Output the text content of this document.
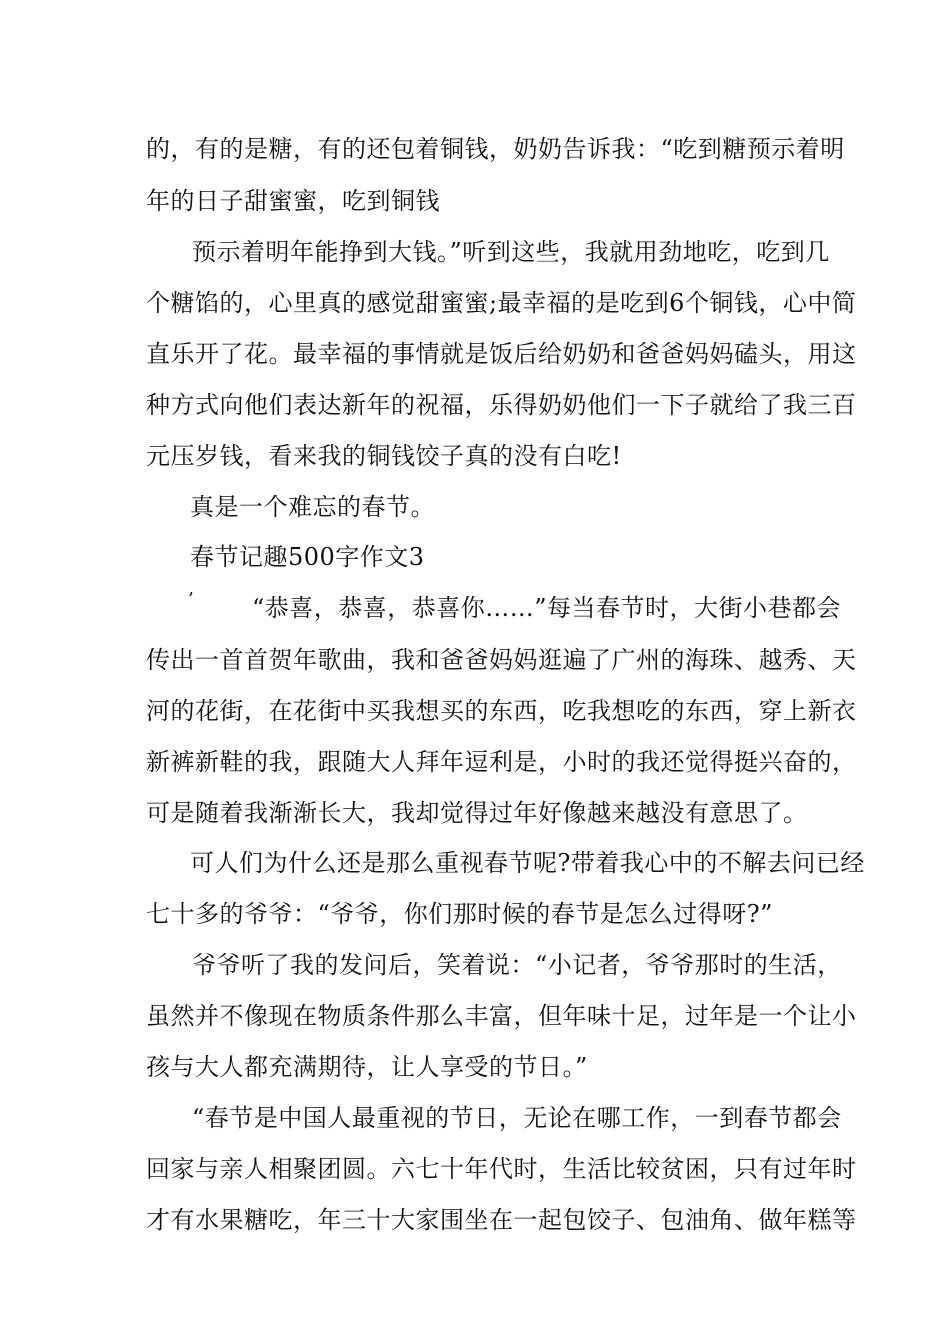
的，有的是糖，有的还包着铜钱，奶奶告诉我：“吃到糖预示着明
年的日子甜蜜蜜，吃到铜钱
预示着明年能挣到大钱。”听到这些，我就用劲地吃，吃到几
个糖馅的，心里真的感觉甜蜜蜜;最幸福的是吃到6个铜钱，心中简
直乐开了花。最幸福的事情就是饭后给奶奶和爸爸妈妈磕头，用这
种方式向他们表达新年的祝福，乐得奶奶他们一下子就给了我三百
元压岁钱，看来我的铜钱饺子真的没有白吃!
真是一个难忘的春节。
春节记趣500字作文3
’ “恭喜，恭喜，恭喜你……”每当春节时，大街小巷都会
传出一首首贺年歌曲，我和爸爸妈妈逛遍了广州的海珠、越秀、天
河的花街，在花街中买我想买的东西，吃我想吃的东西，穿上新衣
新裤新鞋的我，跟随大人拜年逗利是，小时的我还觉得挺兴奋的，
可是随着我渐渐长大，我却觉得过年好像越来越没有意思了。
可人们为什么还是那么重视春节呢?带着我心中的不解去问已经
七十多的爷爷：“爷爷，你们那时候的春节是怎么过得呀?”
爷爷听了我的发问后，笑着说：“小记者，爷爷那时的生活，
虽然并不像现在物质条件那么丰富，但年味十足，过年是一个让小
孩与大人都充满期待，让人享受的节日。”
“春节是中国人最重视的节日，无论在哪工作，一到春节都会
回家与亲人相聚团圆。六七十年代时，生活比较贫困，只有过年时
才有水果糖吃，年三十大家围坐在一起包饺子、包油角、做年糕等
